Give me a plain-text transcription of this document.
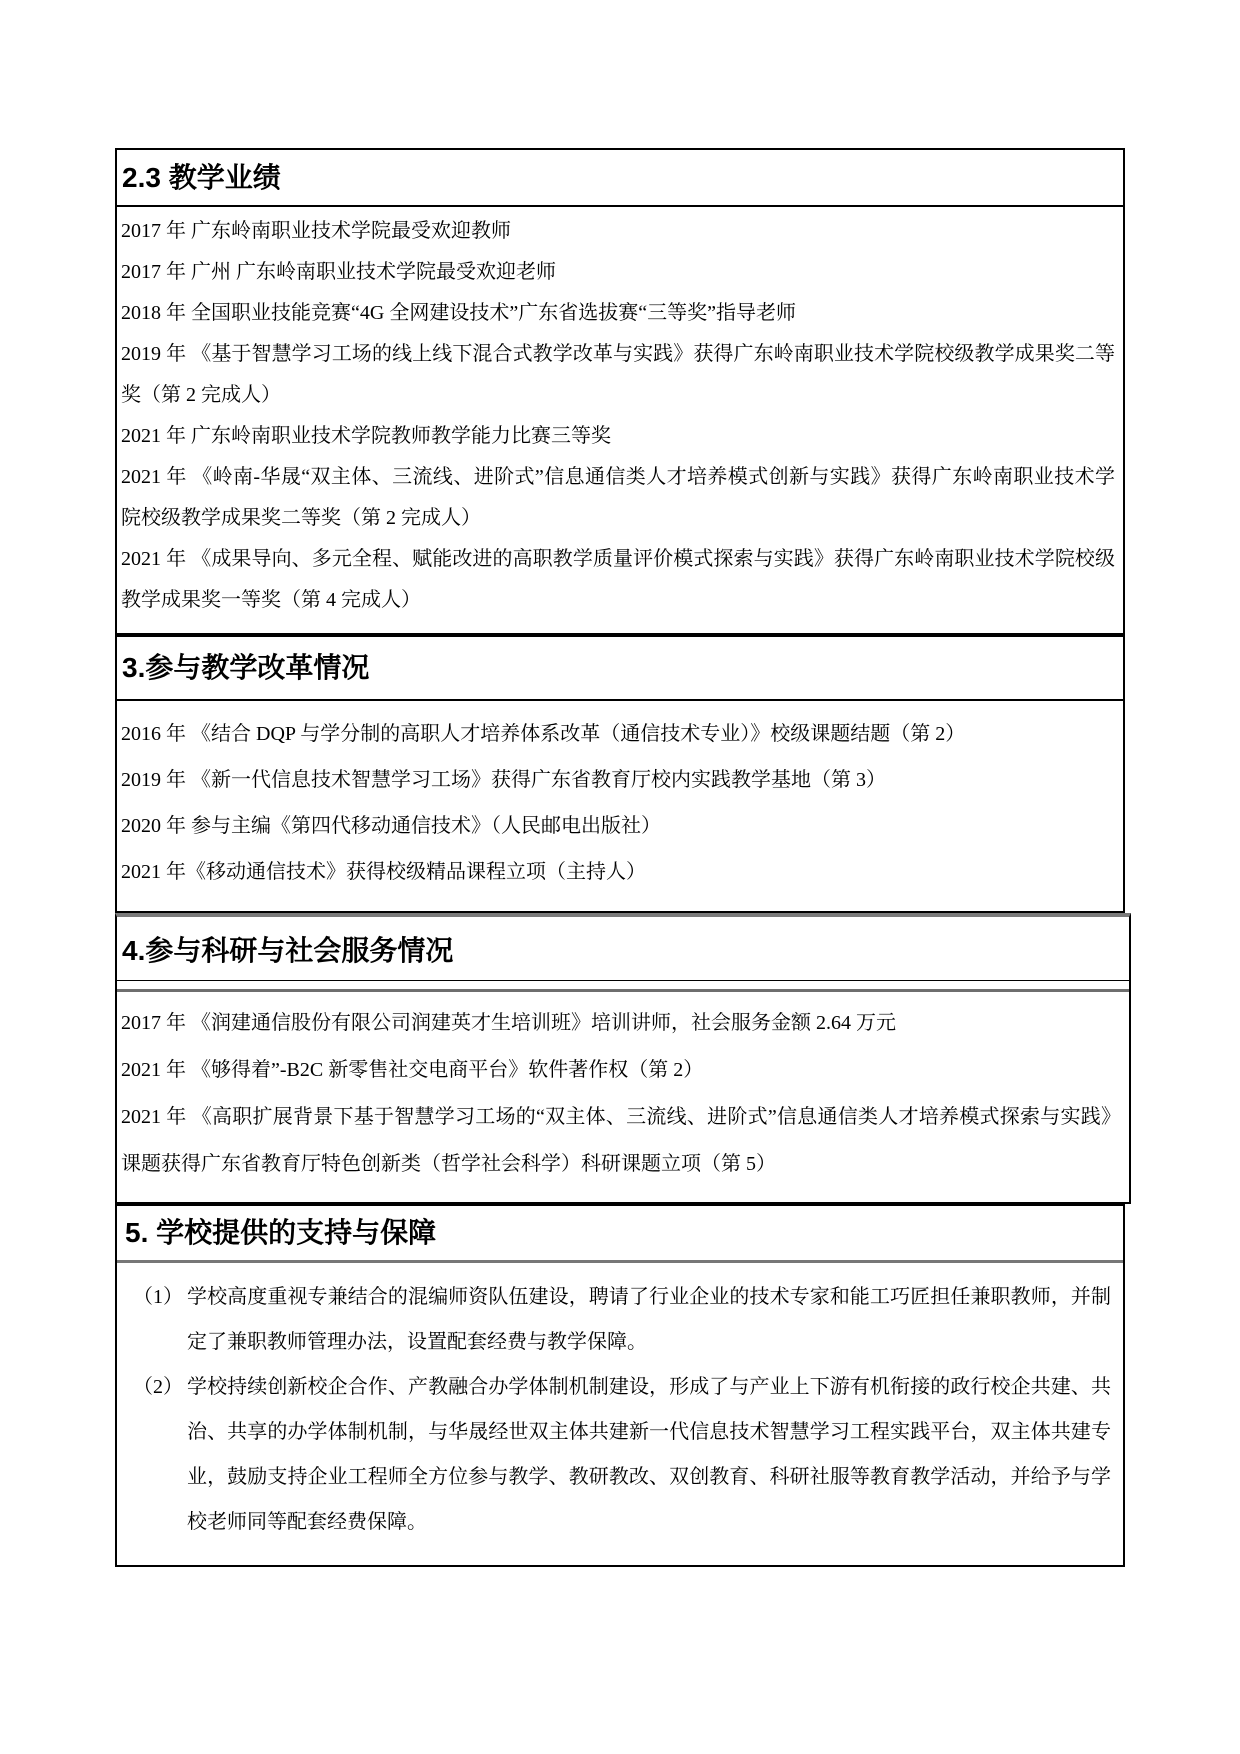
2.3 教学业绩

2017 年 广东岭南职业技术学院最受欢迎教师

2017 年 广州 广东岭南职业技术学院最受欢迎老师

2018 年 全国职业技能竞赛“4G 全网建设技术”广东省选拔赛“三等奖”指导老师

2019 年 《基于智慧学习工场的线上线下混合式教学改革与实践》获得广东岭南职业技术学院校级教学成果奖二等奖（第 2 完成人）

2021 年 广东岭南职业技术学院教师教学能力比赛三等奖

2021 年 《岭南-华晟“双主体、三流线、进阶式”信息通信类人才培养模式创新与实践》获得广东岭南职业技术学院校级教学成果奖二等奖（第 2 完成人）

2021 年 《成果导向、多元全程、赋能改进的高职教学质量评价模式探索与实践》获得广东岭南职业技术学院校级教学成果奖一等奖（第 4 完成人）

3.参与教学改革情况

2016 年 《结合 DQP 与学分制的高职人才培养体系改革（通信技术专业）》校级课题结题（第 2）

2019 年 《新一代信息技术智慧学习工场》获得广东省教育厅校内实践教学基地（第 3）

2020 年 参与主编《第四代移动通信技术》（人民邮电出版社）

2021 年《移动通信技术》获得校级精品课程立项（主持人）

4.参与科研与社会服务情况

2017 年 《润建通信股份有限公司润建英才生培训班》培训讲师，社会服务金额 2.64 万元

2021 年 《够得着”-B2C 新零售社交电商平台》软件著作权（第 2）

2021 年 《高职扩展背景下基于智慧学习工场的“双主体、三流线、进阶式”信息通信类人才培养模式探索与实践》课题获得广东省教育厅特色创新类（哲学社会科学）科研课题立项（第 5）

5. 学校提供的支持与保障

（1） 学校高度重视专兼结合的混编师资队伍建设，聘请了行业企业的技术专家和能工巧匠担任兼职教师，并制定了兼职教师管理办法，设置配套经费与教学保障。

（2） 学校持续创新校企合作、产教融合办学体制机制建设，形成了与产业上下游有机衔接的政行校企共建、共治、共享的办学体制机制，与华晟经世双主体共建新一代信息技术智慧学习工程实践平台，双主体共建专业，鼓励支持企业工程师全方位参与教学、教研教改、双创教育、科研社服等教育教学活动，并给予与学校老师同等配套经费保障。
